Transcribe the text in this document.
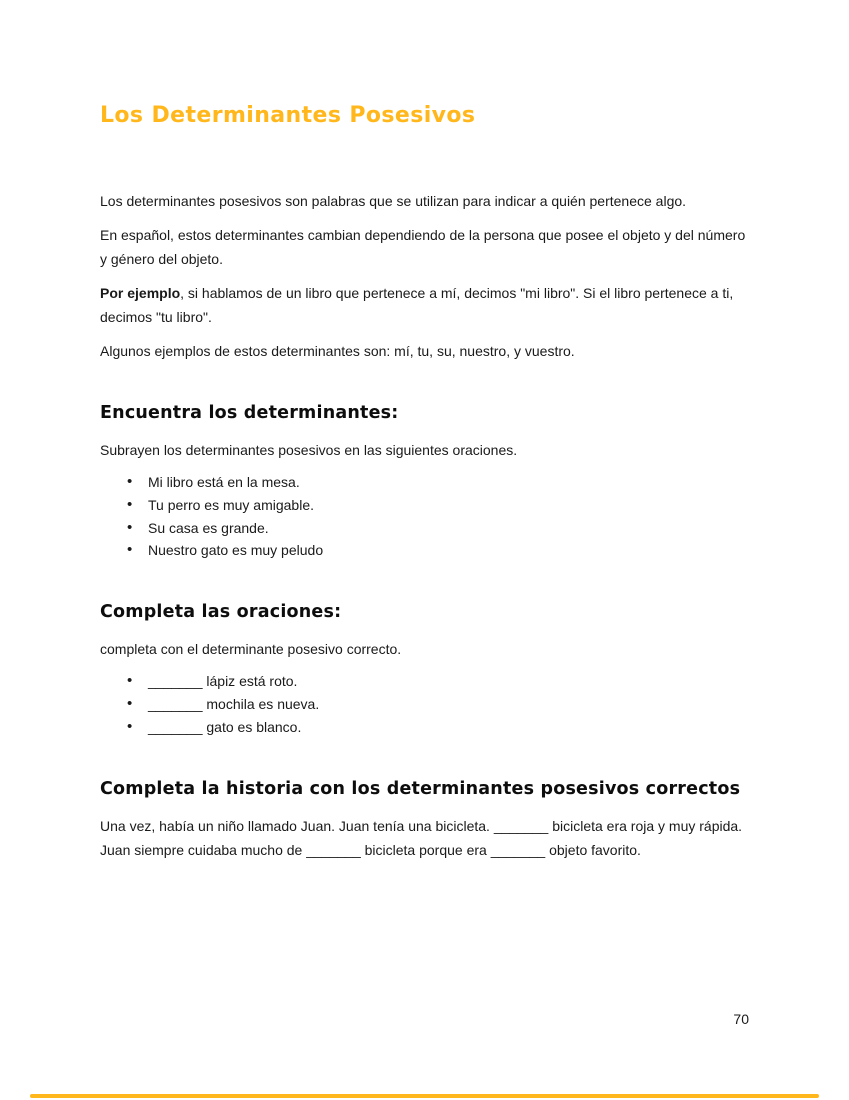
Los Determinantes Posesivos

Los determinantes posesivos son palabras que se utilizan para indicar a quién pertenece algo.

En español, estos determinantes cambian dependiendo de la persona que posee el objeto y del número y género del objeto.

Por ejemplo, si hablamos de un libro que pertenece a mí, decimos "mi libro". Si el libro pertenece a ti, decimos "tu libro".

Algunos ejemplos de estos determinantes son: mí, tu, su, nuestro, y vuestro.

Encuentra los determinantes:

Subrayen los determinantes posesivos en las siguientes oraciones.

• Mi libro está en la mesa.
• Tu perro es muy amigable.
• Su casa es grande.
• Nuestro gato es muy peludo
Completa las oraciones:

completa con el determinante posesivo correcto.

• _______ lápiz está roto.
• _______ mochila es nueva.
• _______ gato es blanco.
Completa la historia con los determinantes posesivos correctos

Una vez, había un niño llamado Juan. Juan tenía una bicicleta. _______ bicicleta era roja y muy rápida. Juan siempre cuidaba mucho de _______ bicicleta porque era _______ objeto favorito.

70
